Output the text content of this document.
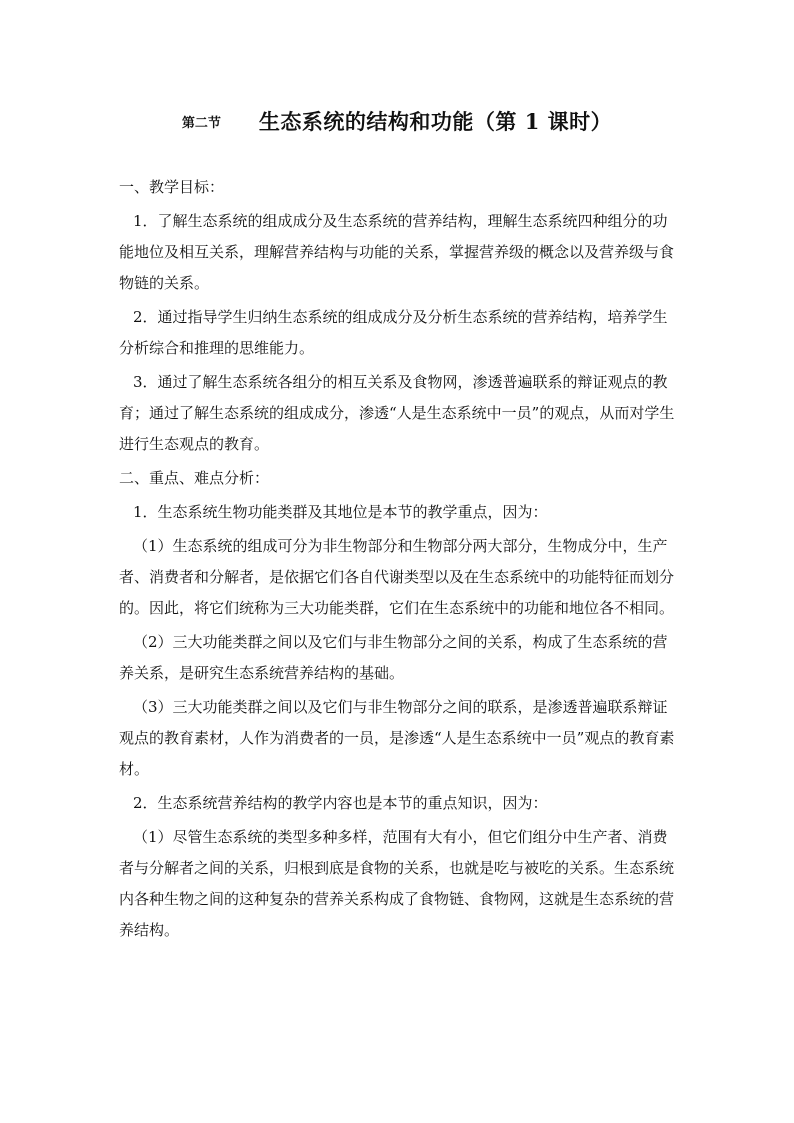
第二节 生态系统的结构和功能（第 1 课时）

一、教学目标：

1．了解生态系统的组成成分及生态系统的营养结构，理解生态系统四种组分的功能地位及相互关系，理解营养结构与功能的关系，掌握营养级的概念以及营养级与食物链的关系。

2．通过指导学生归纳生态系统的组成成分及分析生态系统的营养结构，培养学生分析综合和推理的思维能力。

3．通过了解生态系统各组分的相互关系及食物网，渗透普遍联系的辩证观点的教育；通过了解生态系统的组成成分，渗透“人是生态系统中一员”的观点，从而对学生进行生态观点的教育。

二、重点、难点分析：

1．生态系统生物功能类群及其地位是本节的教学重点，因为：

（1）生态系统的组成可分为非生物部分和生物部分两大部分，生物成分中，生产者、消费者和分解者，是依据它们各自代谢类型以及在生态系统中的功能特征而划分的。因此，将它们统称为三大功能类群，它们在生态系统中的功能和地位各不相同。

（2）三大功能类群之间以及它们与非生物部分之间的关系，构成了生态系统的营养关系，是研究生态系统营养结构的基础。

（3）三大功能类群之间以及它们与非生物部分之间的联系，是渗透普遍联系辩证观点的教育素材，人作为消费者的一员，是渗透“人是生态系统中一员”观点的教育素材。

2．生态系统营养结构的教学内容也是本节的重点知识，因为：

（1）尽管生态系统的类型多种多样，范围有大有小，但它们组分中生产者、消费者与分解者之间的关系，归根到底是食物的关系，也就是吃与被吃的关系。生态系统内各种生物之间的这种复杂的营养关系构成了食物链、食物网，这就是生态系统的营养结构。
